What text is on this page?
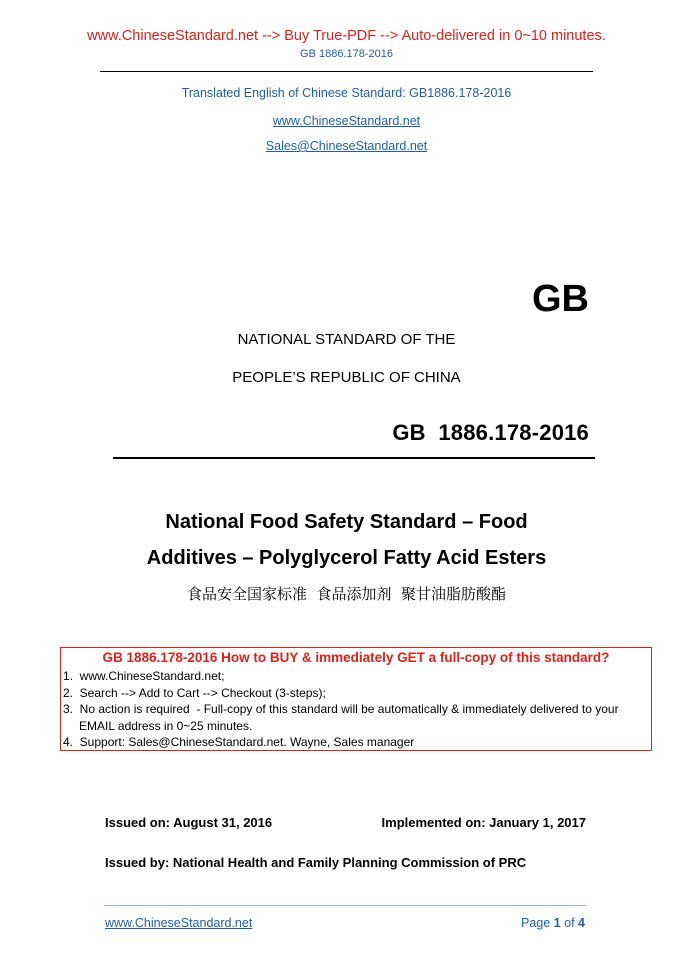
www.ChineseStandard.net --> Buy True-PDF --> Auto-delivered in 0~10 minutes.
GB 1886.178-2016
Translated English of Chinese Standard: GB1886.178-2016
www.ChineseStandard.net
Sales@ChineseStandard.net
GB
NATIONAL STANDARD OF THE
PEOPLE’S REPUBLIC OF CHINA
GB  1886.178-2016
National Food Safety Standard – Food
Additives – Polyglycerol Fatty Acid Esters
食品安全国家标准  食品添加剂  聚甘油脂肪酸酯
GB 1886.178-2016 How to BUY & immediately GET a full-copy of this standard?
1.  www.ChineseStandard.net;
2.  Search --> Add to Cart --> Checkout (3-steps);
3.  No action is required  - Full-copy of this standard will be automatically & immediately delivered to your EMAIL address in 0~25 minutes.
4.  Support: Sales@ChineseStandard.net. Wayne, Sales manager
Issued on: August 31, 2016	Implemented on: January 1, 2017
Issued by: National Health and Family Planning Commission of PRC
www.ChineseStandard.net	Page 1 of 4
